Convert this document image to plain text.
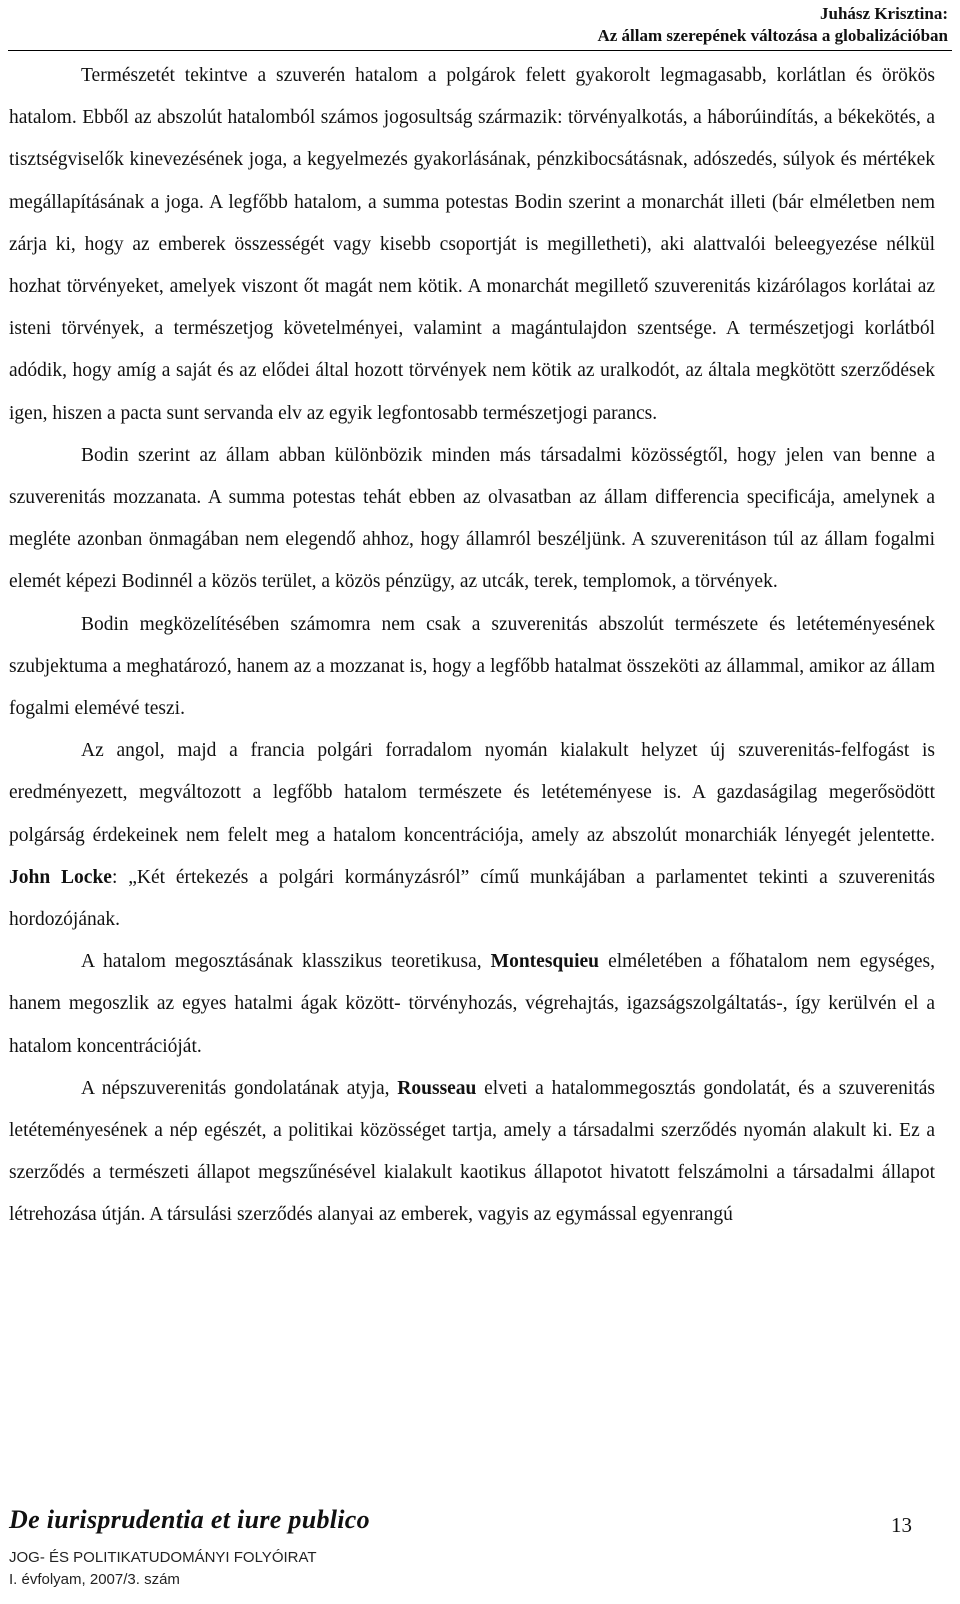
Juhász Krisztina:
Az állam szerepének változása a globalizációban

Természetét tekintve a szuverén hatalom a polgárok felett gyakorolt legmagasabb, korlátlan és örökös hatalom. Ebből az abszolút hatalomból számos jogosultság származik: törvényalkotás, a háborúindítás, a békekötés, a tisztségviselők kinevezésének joga, a kegyelmezés gyakorlásának, pénzkibocsátásnak, adószedés, súlyok és mértékek megállapításának a joga. A legfőbb hatalom, a summa potestas Bodin szerint a monarchát illeti (bár elméletben nem zárja ki, hogy az emberek összességét vagy kisebb csoportját is megilletheti), aki alattvalói beleegyezése nélkül hozhat törvényeket, amelyek viszont őt magát nem kötik. A monarchát megillető szuverenitás kizárólagos korlátai az isteni törvények, a természetjog követelményei, valamint a magántulajdon szentsége. A természetjogi korlátból adódik, hogy amíg a saját és az elődei által hozott törvények nem kötik az uralkodót, az általa megkötött szerződések igen, hiszen a pacta sunt servanda elv az egyik legfontosabb természetjogi parancs.

Bodin szerint az állam abban különbözik minden más társadalmi közösségtől, hogy jelen van benne a szuverenitás mozzanata. A summa potestas tehát ebben az olvasatban az állam differencia specificája, amelynek a megléte azonban önmagában nem elegendő ahhoz, hogy államról beszéljünk. A szuverenitáson túl az állam fogalmi elemét képezi Bodinnél a közös terület, a közös pénzügy, az utcák, terek, templomok, a törvények.

Bodin megközelítésében számomra nem csak a szuverenitás abszolút természete és letéteményesének szubjektuma a meghatározó, hanem az a mozzanat is, hogy a legfőbb hatalmat összeköti az állammal, amikor az állam fogalmi elemévé teszi.

Az angol, majd a francia polgári forradalom nyomán kialakult helyzet új szuverenitás-felfogást is eredményezett, megváltozott a legfőbb hatalom természete és letéteményese is. A gazdaságilag megerősödött polgárság érdekeinek nem felelt meg a hatalom koncentrációja, amely az abszolút monarchiák lényegét jelentette. John Locke: „Két értekezés a polgári kormányzásról” című munkájában a parlamentet tekinti a szuverenitás hordozójának.

A hatalom megosztásának klasszikus teoretikusa, Montesquieu elméletében a főhatalom nem egységes, hanem megoszlik az egyes hatalmi ágak között- törvényhozás, végrehajtás, igazságszolgáltatás-, így kerülvén el a hatalom koncentrációját.

A népszuverenitás gondolatának atyja, Rousseau elveti a hatalommegosztás gondolatát, és a szuverenitás letéteményesének a nép egészét, a politikai közösséget tartja, amely a társadalmi szerződés nyomán alakult ki. Ez a szerződés a természeti állapot megszűnésével kialakult kaotikus állapotot hivatott felszámolni a társadalmi állapot létrehozása útján. A társulási szerződés alanyai az emberek, vagyis az egymással egyenrangú

De iurisprudentia et iure publico
JOG- ÉS POLITIKATUDOMÁNYI FOLYÓIRAT
I. évfolyam, 2007/3. szám
13
